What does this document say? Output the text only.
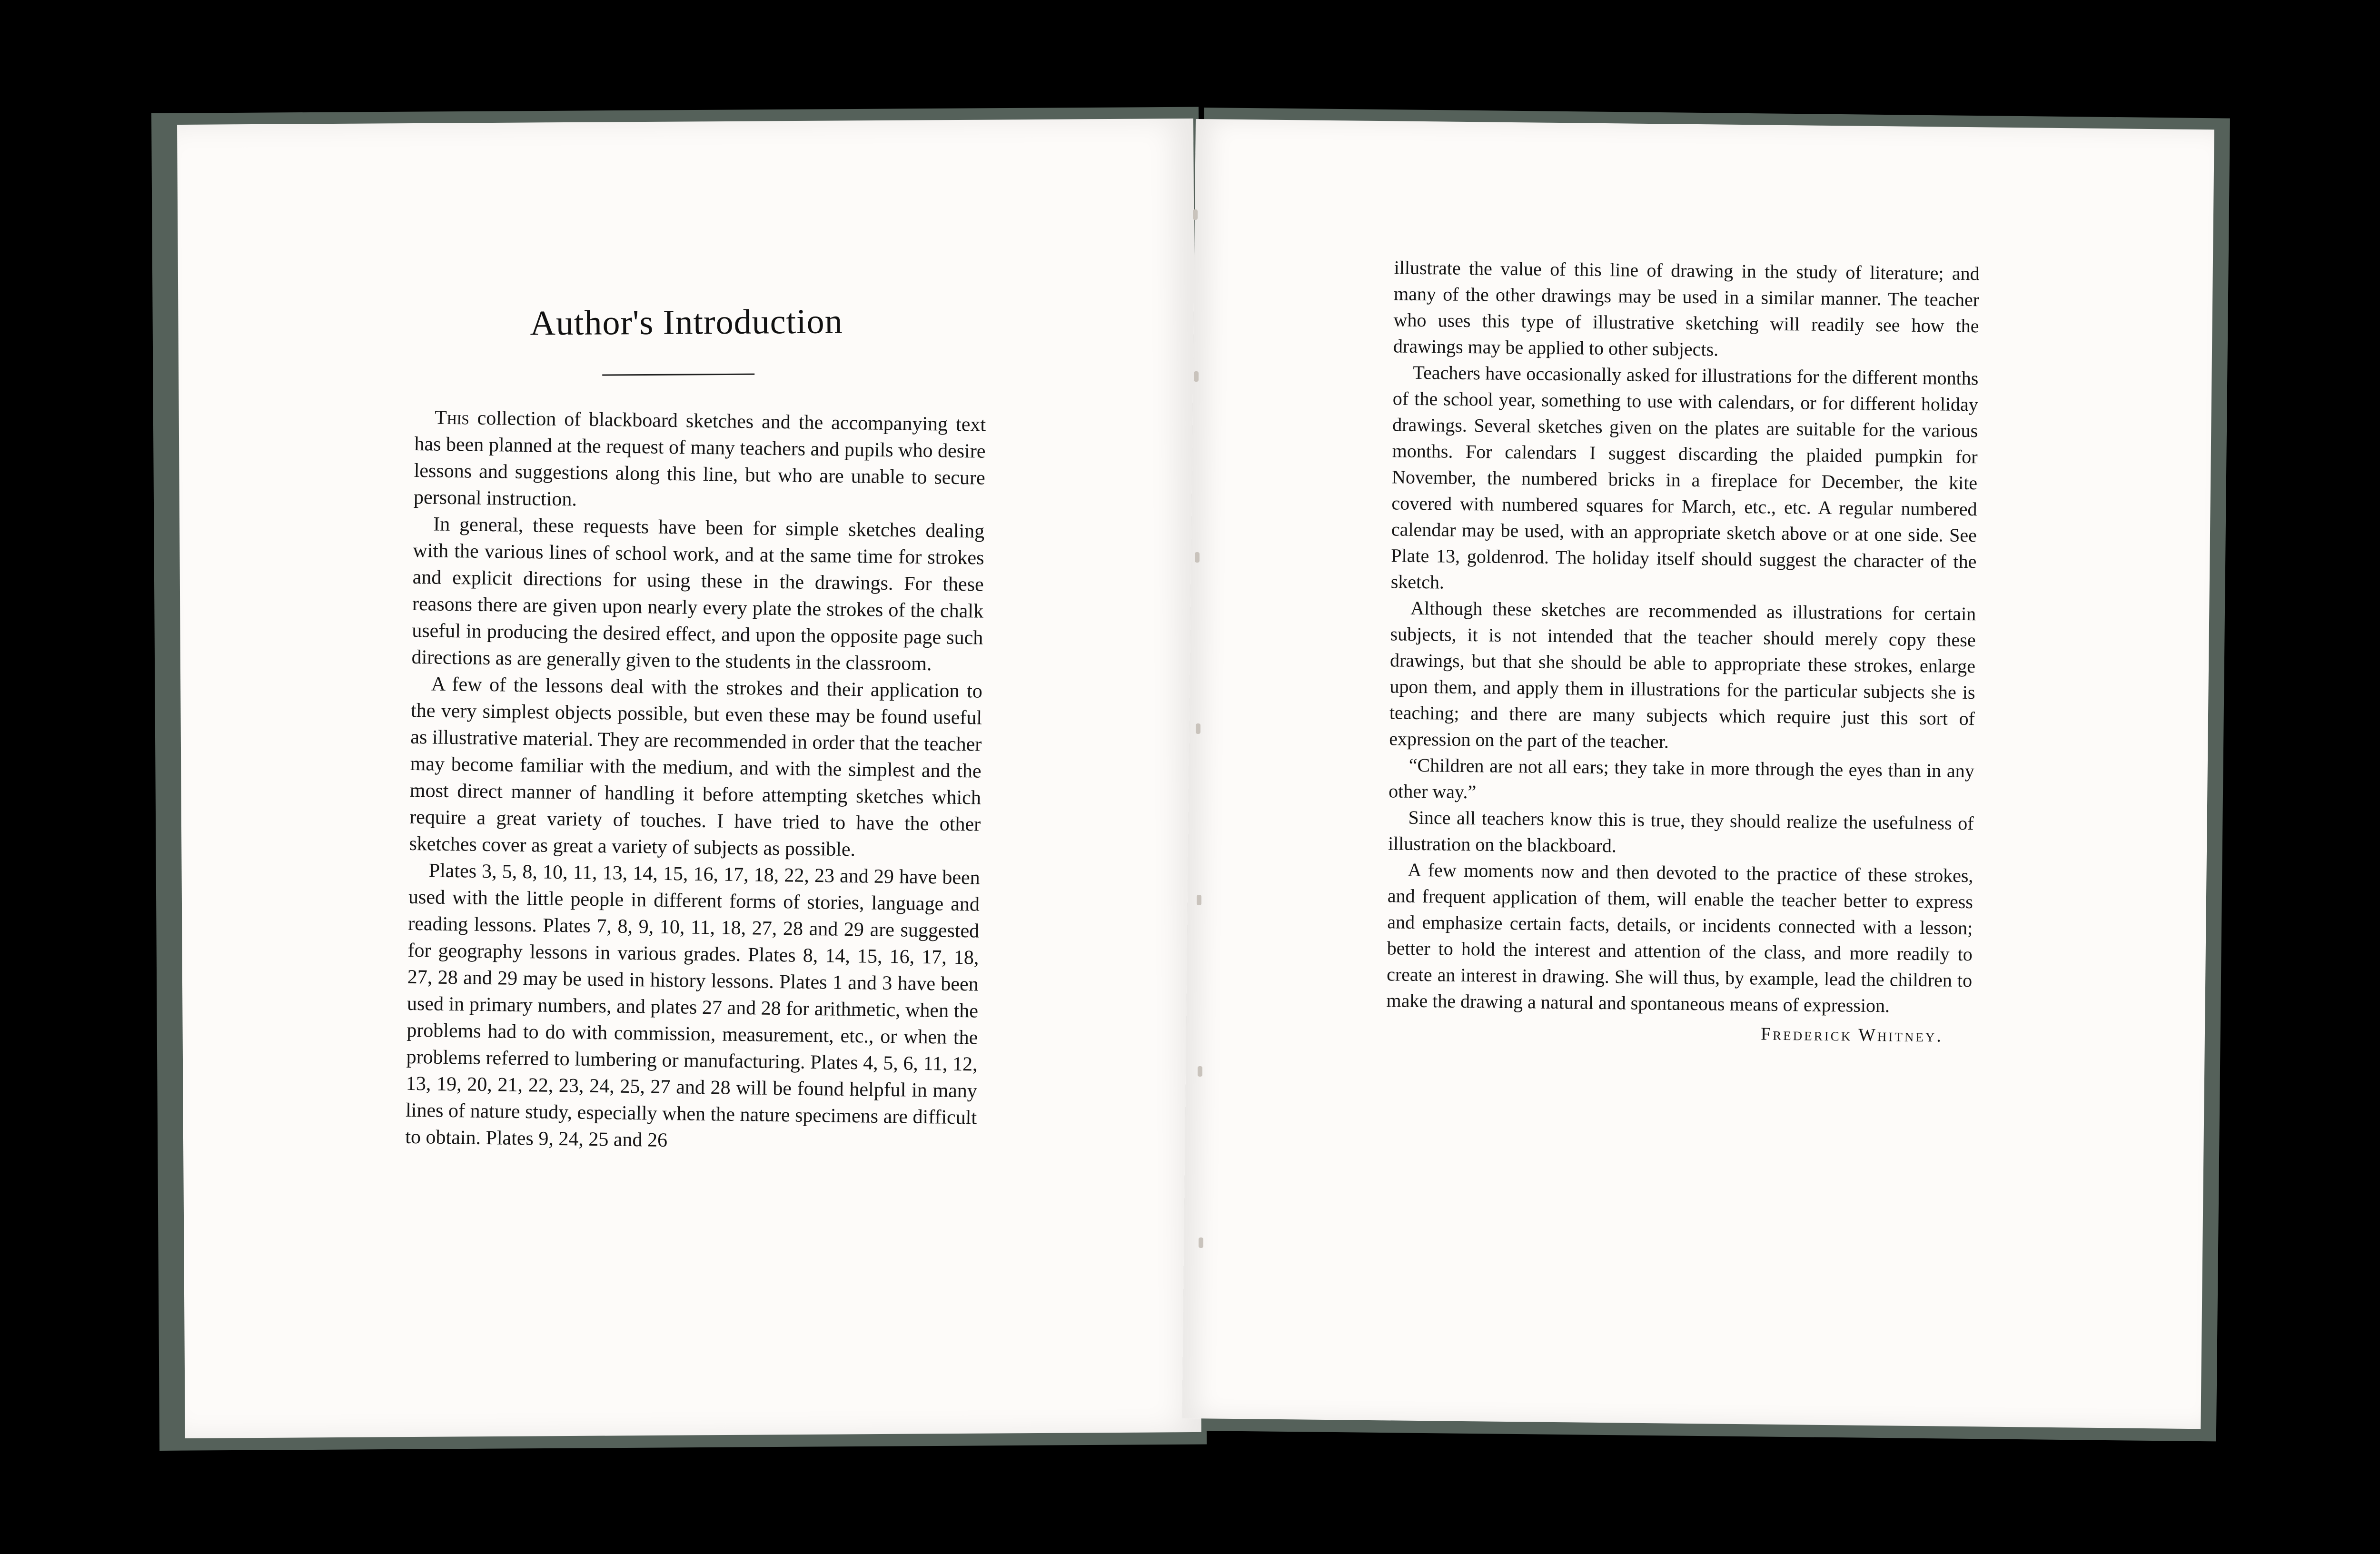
Author's Introduction

This collection of blackboard sketches and the accompanying text has been planned at the request of many teachers and pupils who desire lessons and suggestions along this line, but who are unable to secure personal instruction.

In general, these requests have been for simple sketches dealing with the various lines of school work, and at the same time for strokes and explicit directions for using these in the drawings. For these reasons there are given upon nearly every plate the strokes of the chalk useful in producing the desired effect, and upon the opposite page such directions as are generally given to the students in the classroom.

A few of the lessons deal with the strokes and their application to the very simplest objects possible, but even these may be found useful as illustrative material. They are recommended in order that the teacher may become familiar with the medium, and with the simplest and the most direct manner of handling it before attempting sketches which require a great variety of touches. I have tried to have the other sketches cover as great a variety of subjects as possible.

Plates 3, 5, 8, 10, 11, 13, 14, 15, 16, 17, 18, 22, 23 and 29 have been used with the little people in different forms of stories, language and reading lessons. Plates 7, 8, 9, 10, 11, 18, 27, 28 and 29 are suggested for geography lessons in various grades. Plates 8, 14, 15, 16, 17, 18, 27, 28 and 29 may be used in history lessons. Plates 1 and 3 have been used in primary numbers, and plates 27 and 28 for arithmetic, when the problems had to do with commission, measurement, etc., or when the problems referred to lumbering or manufacturing. Plates 4, 5, 6, 11, 12, 13, 19, 20, 21, 22, 23, 24, 25, 27 and 28 will be found helpful in many lines of nature study, especially when the nature specimens are difficult to obtain. Plates 9, 24, 25 and 26

illustrate the value of this line of drawing in the study of literature; and many of the other drawings may be used in a similar manner. The teacher who uses this type of illustrative sketching will readily see how the drawings may be applied to other subjects.

Teachers have occasionally asked for illustrations for the different months of the school year, something to use with calendars, or for different holiday drawings. Several sketches given on the plates are suitable for the various months. For calendars I suggest discarding the plaided pumpkin for November, the numbered bricks in a fireplace for December, the kite covered with numbered squares for March, etc., etc. A regular numbered calendar may be used, with an appropriate sketch above or at one side. See Plate 13, goldenrod. The holiday itself should suggest the character of the sketch.

Although these sketches are recommended as illustrations for certain subjects, it is not intended that the teacher should merely copy these drawings, but that she should be able to appropriate these strokes, enlarge upon them, and apply them in illustrations for the particular subjects she is teaching; and there are many subjects which require just this sort of expression on the part of the teacher.

“Children are not all ears; they take in more through the eyes than in any other way.”

Since all teachers know this is true, they should realize the usefulness of illustration on the blackboard.

A few moments now and then devoted to the practice of these strokes, and frequent application of them, will enable the teacher better to express and emphasize certain facts, details, or incidents connected with a lesson; better to hold the interest and attention of the class, and more readily to create an interest in drawing. She will thus, by example, lead the children to make the drawing a natural and spontaneous means of expression.

Frederick Whitney.
